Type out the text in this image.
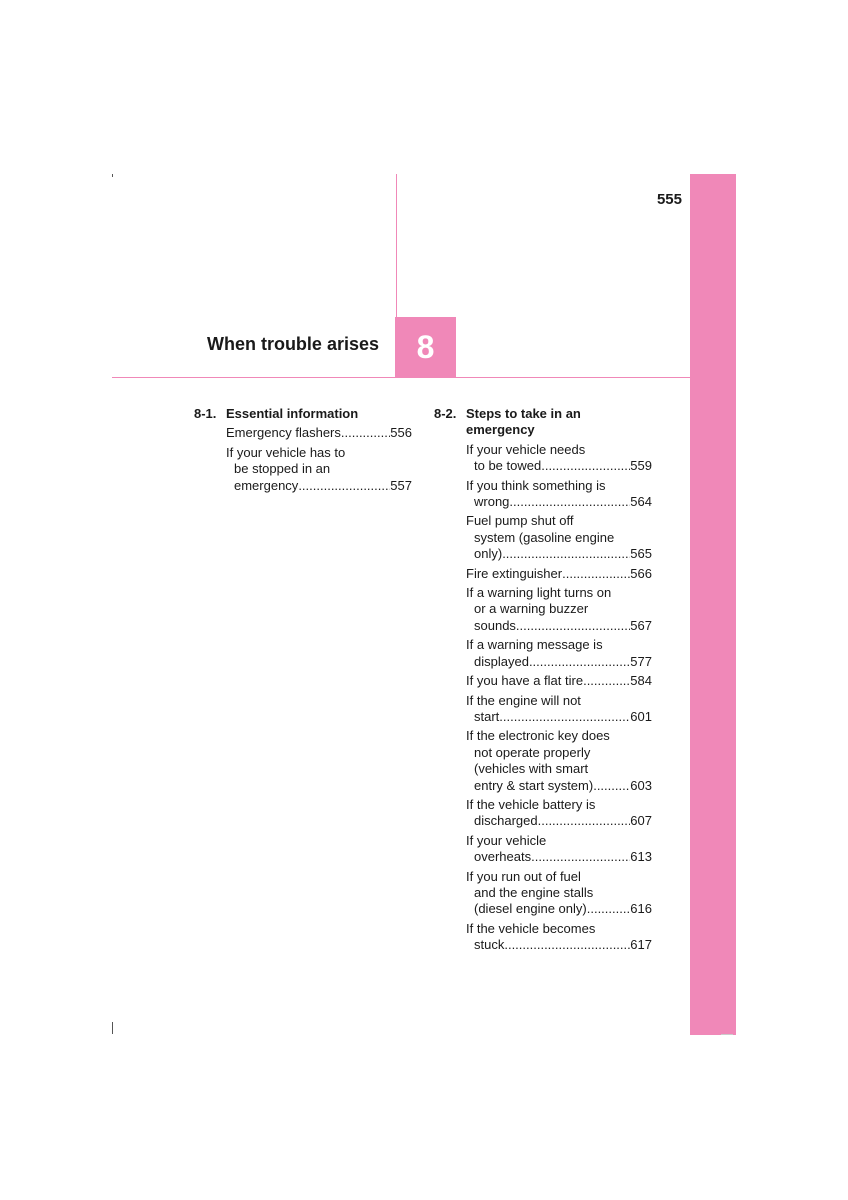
555
When trouble arises	8
8-1. Essential information
Emergency flashers .....	556
If your vehicle has to
be stopped in an
emergency .....	557
8-2. Steps to take in an emergency
If your vehicle needs
to be towed .....	559
If you think something is
wrong .....	564
Fuel pump shut off
system (gasoline engine
only) .....	565
Fire extinguisher .....	566
If a warning light turns on
or a warning buzzer
sounds .....	567
If a warning message is
displayed .....	577
If you have a flat tire .....	584
If the engine will not
start .....	601
If the electronic key does
not operate properly
(vehicles with smart
entry & start system) .....	603
If the vehicle battery is
discharged .....	607
If your vehicle
overheats .....	613
If you run out of fuel
and the engine stalls
(diesel engine only) .....	616
If the vehicle becomes
stuck .....	617
